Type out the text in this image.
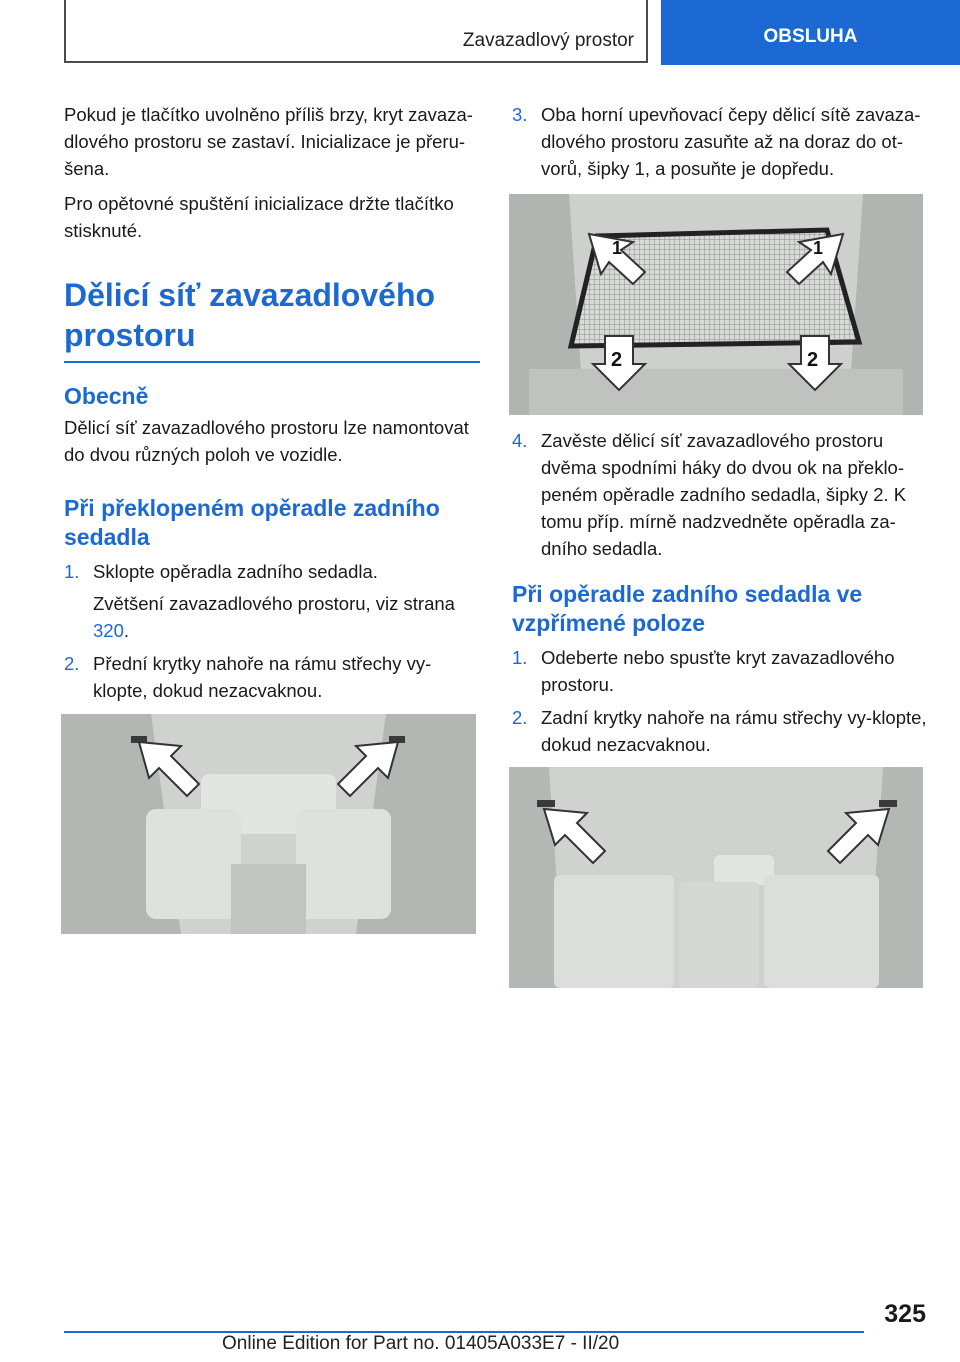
Zavazadlový prostor	OBSLUHA

Pokud je tlačítko uvolněno příliš brzy, kryt zavaza-dlového prostoru se zastaví. Inicializace je přeru-šena.

Pro opětovné spuštění inicializace držte tlačítko stisknuté.

Dělicí síť zavazadlového prostoru
Obecně

Dělicí síť zavazadlového prostoru lze namontovat do dvou různých poloh ve vozidle.

Při překlopeném opěradle zadního sedadla
1. Sklopte opěradla zadního sedadla.
Zvětšení zavazadlového prostoru, viz strana 320.
2. Přední krytky nahoře na rámu střechy vy-klopte, dokud nezacvaknou.
3. Oba horní upevňovací čepy dělicí sítě zavaza-dlového prostoru zasuňte až na doraz do ot-vorů, šipky 1, a posuňte je dopředu.
1	1
2	2
4. Zavěste dělicí síť zavazadlového prostoru dvěma spodními háky do dvou ok na překlo-peném opěradle zadního sedadla, šipky 2. K tomu příp. mírně nadzvedněte opěradla za-dního sedadla.
Při opěradle zadního sedadla ve vzpřímené poloze
1. Odeberte nebo spusťte kryt zavazadlového prostoru.
2. Zadní krytky nahoře na rámu střechy vy-klopte, dokud nezacvaknou.
325
Online Edition for Part no. 01405A033E7 - II/20
